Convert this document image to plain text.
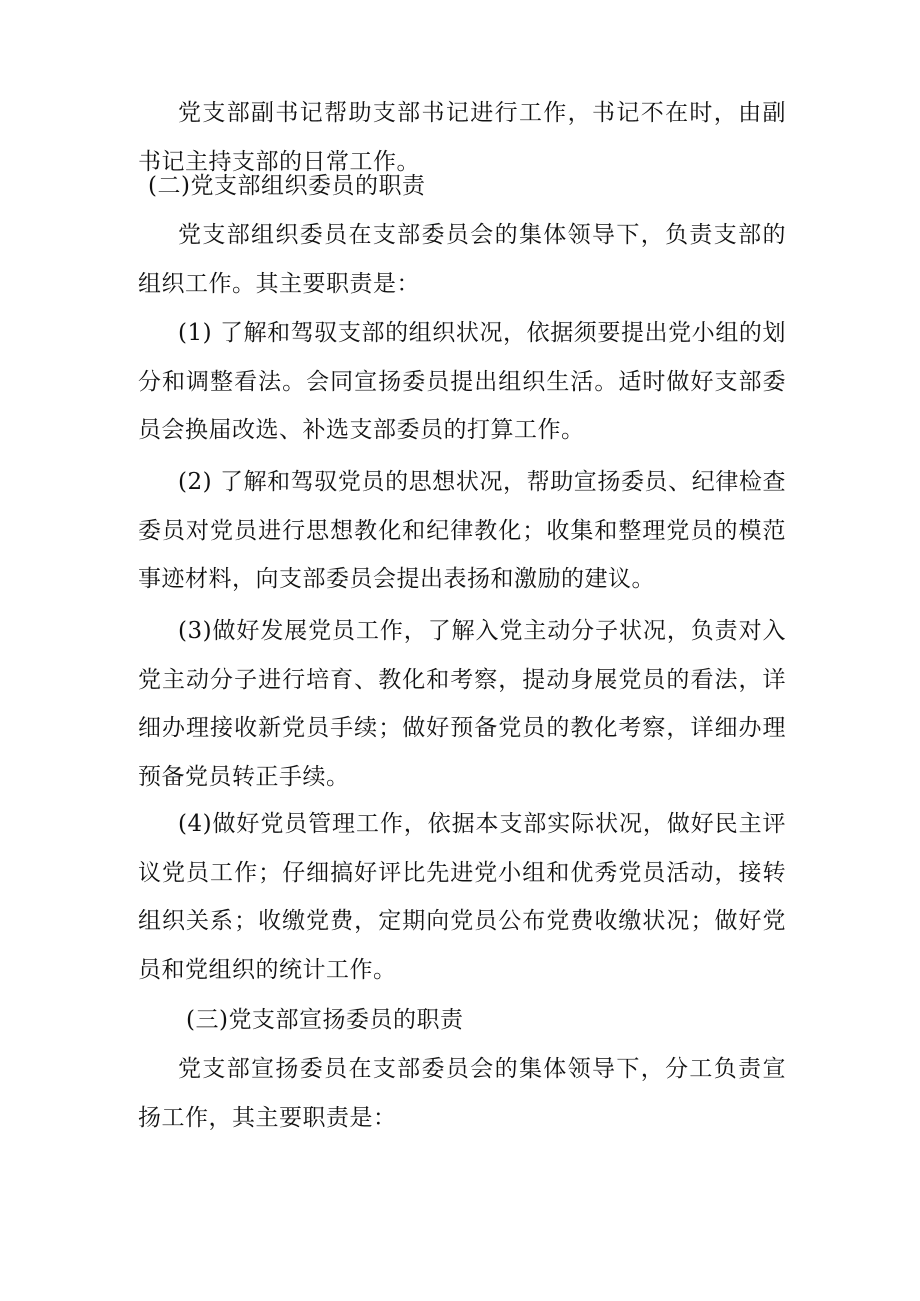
党支部副书记帮助支部书记进行工作，书记不在时，由副书记主持支部的日常工作。

(二)党支部组织委员的职责

党支部组织委员在支部委员会的集体领导下，负责支部的组织工作。其主要职责是：

(1) 了解和驾驭支部的组织状况，依据须要提出党小组的划分和调整看法。会同宣扬委员提出组织生活。适时做好支部委员会换届改选、补选支部委员的打算工作。

(2) 了解和驾驭党员的思想状况，帮助宣扬委员、纪律检查委员对党员进行思想教化和纪律教化；收集和整理党员的模范事迹材料，向支部委员会提出表扬和激励的建议。

(3)做好发展党员工作，了解入党主动分子状况，负责对入党主动分子进行培育、教化和考察，提动身展党员的看法，详细办理接收新党员手续；做好预备党员的教化考察，详细办理预备党员转正手续。

(4)做好党员管理工作，依据本支部实际状况，做好民主评议党员工作；仔细搞好评比先进党小组和优秀党员活动，接转组织关系；收缴党费，定期向党员公布党费收缴状况；做好党员和党组织的统计工作。

(三)党支部宣扬委员的职责

党支部宣扬委员在支部委员会的集体领导下，分工负责宣扬工作，其主要职责是：
